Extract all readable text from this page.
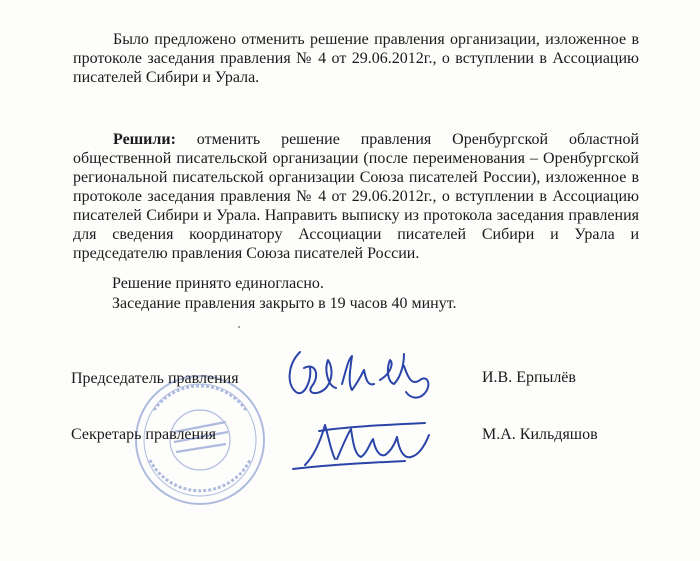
Было предложено отменить решение правления организации, изложенное в протоколе заседания правления № 4 от 29.06.2012г., о вступлении в Ассоциацию писателей Сибири и Урала.

Решили: отменить решение правления Оренбургской областной общественной писательской организации (после переименования – Оренбургской региональной писательской организации Союза писателей России), изложенное в протоколе заседания правления № 4 от 29.06.2012г., о вступлении в Ассоциацию писателей Сибири и Урала. Направить выписку из протокола заседания правления для сведения координатору Ассоциации писателей Сибири и Урала и председателю правления Союза писателей России.

Решение принято единогласно.

Заседание правления закрыто в 19 часов 40 минут.

Председатель правления	И.В. Ерпылёв
Секретарь правления	М.А. Кильдяшов
